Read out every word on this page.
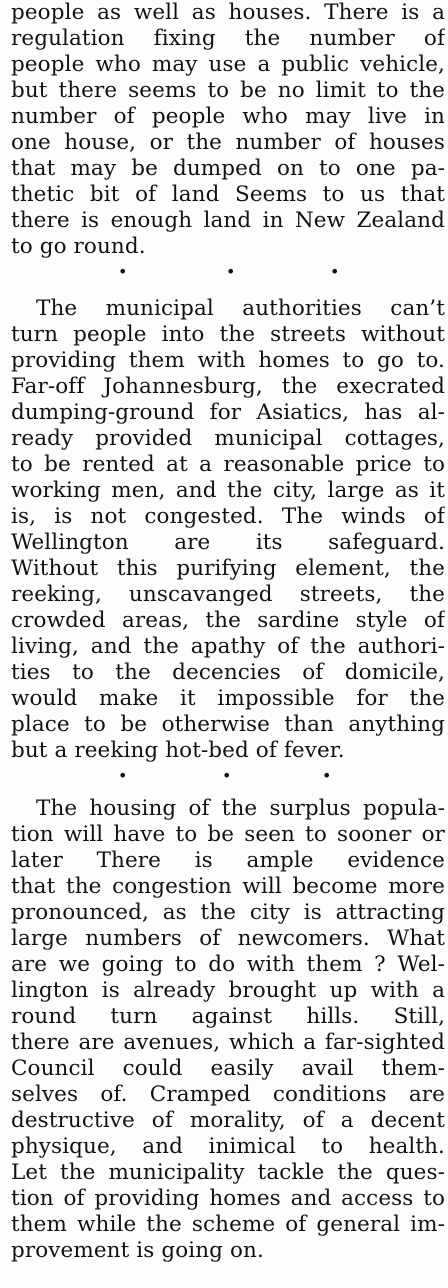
people as well as houses. There is a
regulation fixing the number of
people who may use a public vehicle,
but there seems to be no limit to the
number of people who may live in
one house, or the number of houses
that may be dumped on to one pa-
thetic bit of land Seems to us that
there is enough land in New Zealand
to go round.
•	•	•
The municipal authorities can’t
turn people into the streets without
providing them with homes to go to.
Far-off Johannesburg, the execrated
dumping-ground for Asiatics, has al-
ready provided municipal cottages,
to be rented at a reasonable price to
working men, and the city, large as it
is, is not congested. The winds of
Wellington are its safeguard.
Without this purifying element, the
reeking, unscavanged streets, the
crowded areas, the sardine style of
living, and the apathy of the authori-
ties to the decencies of domicile,
would make it impossible for the
place to be otherwise than anything
but a reeking hot-bed of fever.
•	•	•
The housing of the surplus popula-
tion will have to be seen to sooner or
later There is ample evidence
that the congestion will become more
pronounced, as the city is attracting
large numbers of newcomers. What
are we going to do with them ? Wel-
lington is already brought up with a
round turn against hills. Still,
there are avenues, which a far-sighted
Council could easily avail them-
selves of. Cramped conditions are
destructive of morality, of a decent
physique, and inimical to health.
Let the municipality tackle the ques-
tion of providing homes and access to
them while the scheme of general im-
provement is going on.
